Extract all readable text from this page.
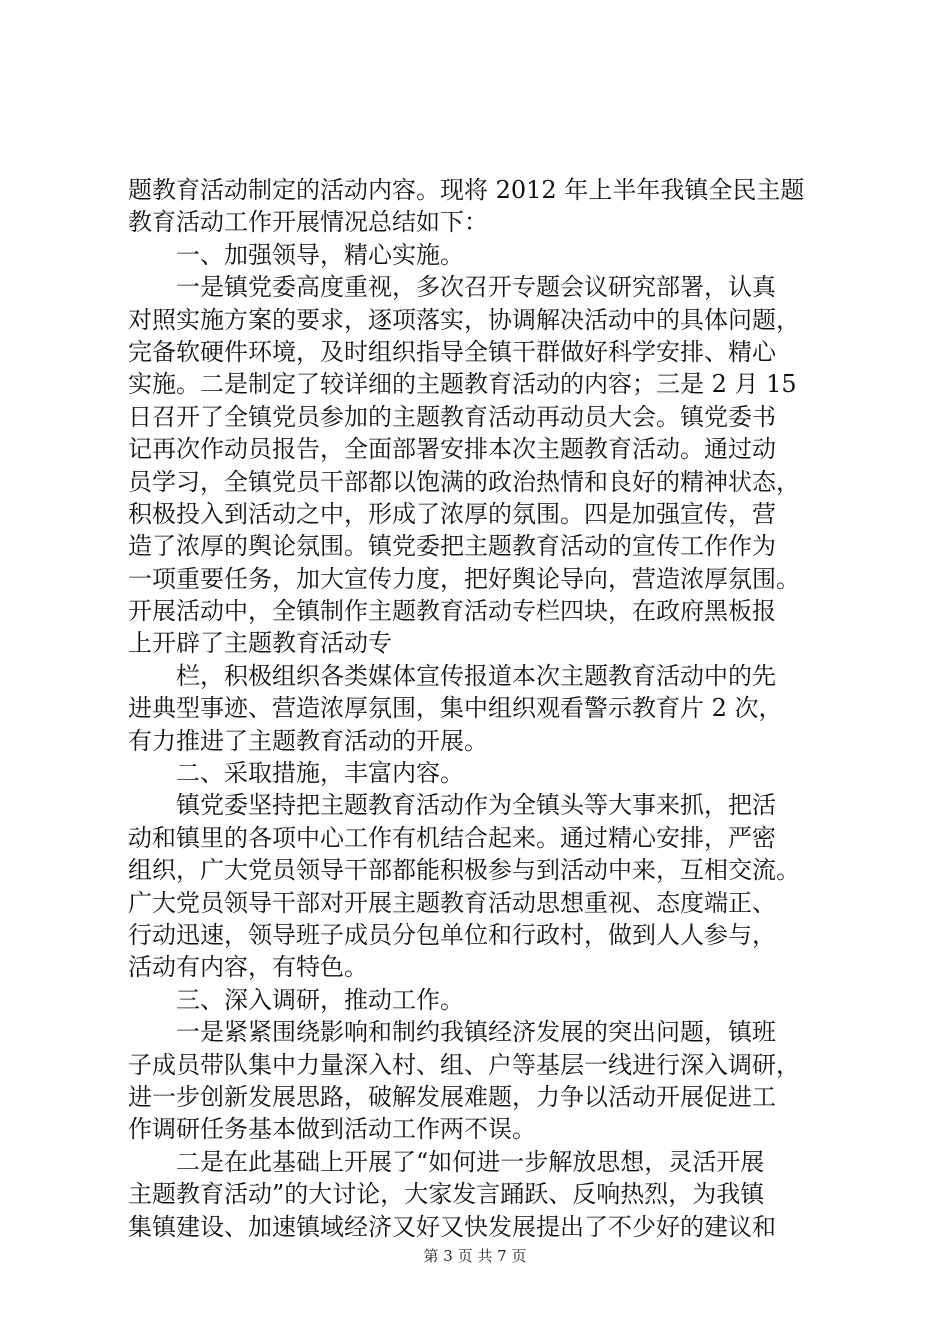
题教育活动制定的活动内容。现将 2012 年上半年我镇全民主题
教育活动工作开展情况总结如下：
一、加强领导，精心实施。
一是镇党委高度重视，多次召开专题会议研究部署，认真
对照实施方案的要求，逐项落实，协调解决活动中的具体问题，
完备软硬件环境，及时组织指导全镇干群做好科学安排、精心
实施。二是制定了较详细的主题教育活动的内容；三是 2 月 15
日召开了全镇党员参加的主题教育活动再动员大会。镇党委书
记再次作动员报告，全面部署安排本次主题教育活动。通过动
员学习，全镇党员干部都以饱满的政治热情和良好的精神状态，
积极投入到活动之中，形成了浓厚的氛围。四是加强宣传，营
造了浓厚的舆论氛围。镇党委把主题教育活动的宣传工作作为
一项重要任务，加大宣传力度，把好舆论导向，营造浓厚氛围。
开展活动中，全镇制作主题教育活动专栏四块，在政府黑板报
上开辟了主题教育活动专
栏，积极组织各类媒体宣传报道本次主题教育活动中的先
进典型事迹、营造浓厚氛围，集中组织观看警示教育片 2 次，
有力推进了主题教育活动的开展。
二、采取措施，丰富内容。
镇党委坚持把主题教育活动作为全镇头等大事来抓，把活
动和镇里的各项中心工作有机结合起来。通过精心安排，严密
组织，广大党员领导干部都能积极参与到活动中来，互相交流。
广大党员领导干部对开展主题教育活动思想重视、态度端正、
行动迅速，领导班子成员分包单位和行政村，做到人人参与，
活动有内容，有特色。
三、深入调研，推动工作。
一是紧紧围绕影响和制约我镇经济发展的突出问题，镇班
子成员带队集中力量深入村、组、户等基层一线进行深入调研，
进一步创新发展思路，破解发展难题，力争以活动开展促进工
作调研任务基本做到活动工作两不误。
二是在此基础上开展了“如何进一步解放思想，灵活开展
主题教育活动”的大讨论，大家发言踊跃、反响热烈，为我镇
集镇建设、加速镇域经济又好又快发展提出了不少好的建议和
第 3 页 共 7 页
